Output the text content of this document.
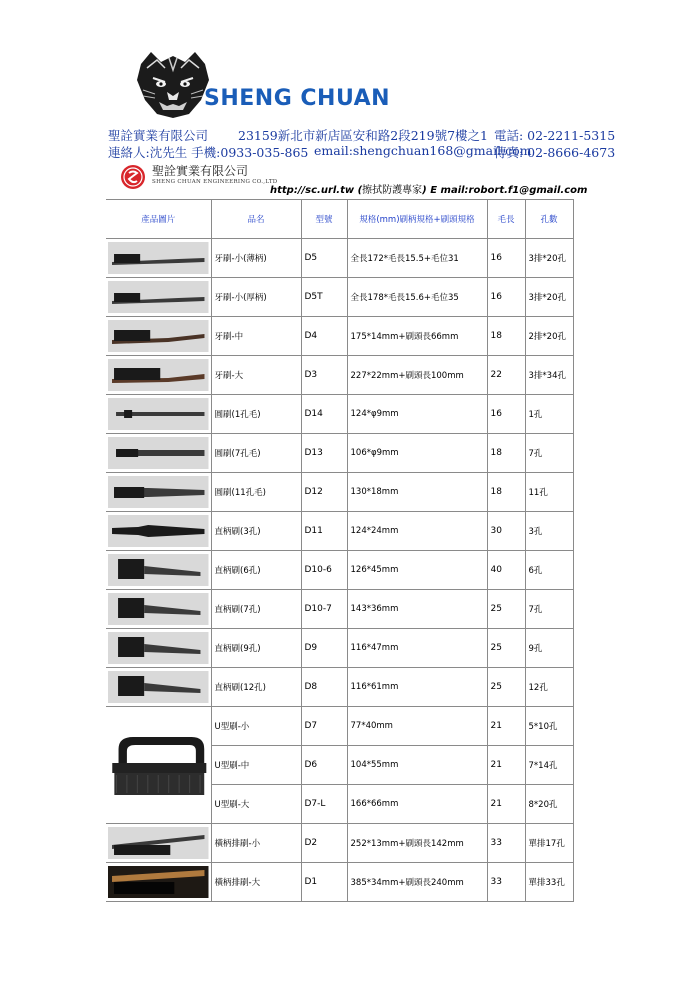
SHENG CHUAN
聖詮實業有限公司 23159新北市新店區安和路2段219號7樓之1 電話: 02-2211-5315
連絡人:沈先生 手機:0933-035-865 email:shengchuan168@gmail.com
傳真: 02-8666-4673
聖詮實業有限公司
SHENG CHUAN ENGINEERING CO.,LTD
http://sc.url.tw (擦拭防護專家) E mail:robort.f1@gmail.com
產品圖片	品名	型號	規格(mm)刷柄規格+刷頭規格	毛長	孔數

	牙刷-小(薄柄)	D5	全長172*毛長15.5+毛位31	16	3排*20孔

	牙刷-小(厚柄)	D5T	全長178*毛長15.6+毛位35	16	3排*20孔

	牙刷-中	D4	175*14mm+刷頭長66mm	18	2排*20孔

	牙刷-大	D3	227*22mm+刷頭長100mm	22	3排*34孔

	圓刷(1孔毛)	D14	124*φ9mm	16	1孔

	圓刷(7孔毛)	D13	106*φ9mm	18	7孔

	圓刷(11孔毛)	D12	130*18mm	18	11孔

	直柄刷(3孔)	D11	124*24mm	30	3孔

	直柄刷(6孔)	D10-6	126*45mm	40	6孔

	直柄刷(7孔)	D10-7	143*36mm	25	7孔

	直柄刷(9孔)	D9	116*47mm	25	9孔

	直柄刷(12孔)	D8	116*61mm	25	12孔

	U型刷-小	D7	77*40mm	21	5*10孔
	U型刷-中	D6	104*55mm	21	7*14孔
	U型刷-大	D7-L	166*66mm	21	8*20孔

	橫柄排刷-小	D2	252*13mm+刷頭長142mm	33	單排17孔

	橫柄排刷-大	D1	385*34mm+刷頭長240mm	33	單排33孔
